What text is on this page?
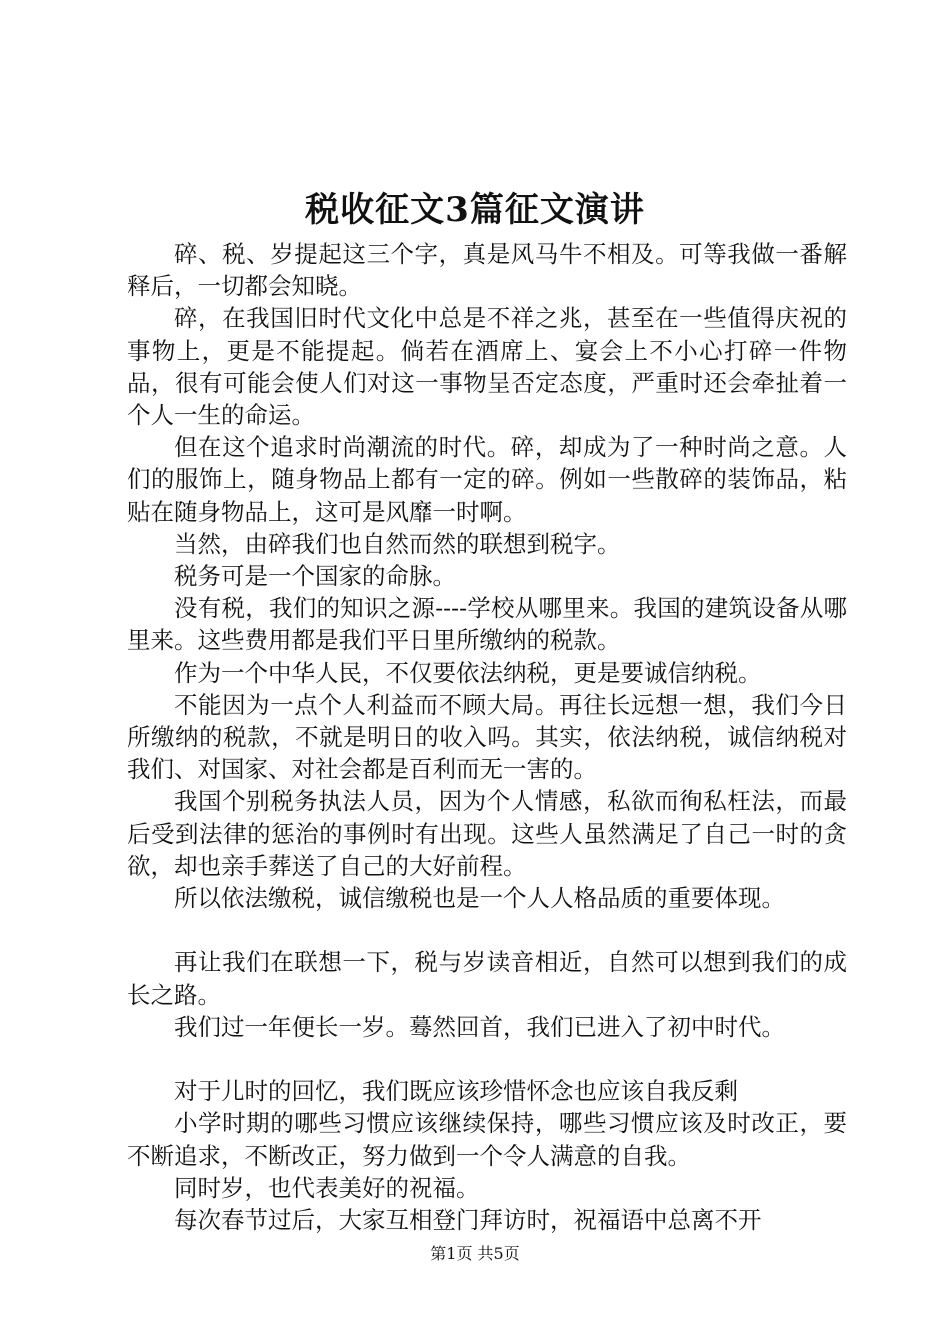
税收征文3篇征文演讲

碎、税、岁提起这三个字，真是风马牛不相及。可等我做一番解释后，一切都会知晓。

碎，在我国旧时代文化中总是不祥之兆，甚至在一些值得庆祝的事物上，更是不能提起。倘若在酒席上、宴会上不小心打碎一件物品，很有可能会使人们对这一事物呈否定态度，严重时还会牵扯着一个人一生的命运。

但在这个追求时尚潮流的时代。碎，却成为了一种时尚之意。人们的服饰上，随身物品上都有一定的碎。例如一些散碎的装饰品，粘贴在随身物品上，这可是风靡一时啊。

当然，由碎我们也自然而然的联想到税字。

税务可是一个国家的命脉。

没有税，我们的知识之源----学校从哪里来。我国的建筑设备从哪里来。这些费用都是我们平日里所缴纳的税款。

作为一个中华人民，不仅要依法纳税，更是要诚信纳税。

不能因为一点个人利益而不顾大局。再往长远想一想，我们今日所缴纳的税款，不就是明日的收入吗。其实，依法纳税，诚信纳税对我们、对国家、对社会都是百利而无一害的。

我国个别税务执法人员，因为个人情感，私欲而徇私枉法，而最后受到法律的惩治的事例时有出现。这些人虽然满足了自己一时的贪欲，却也亲手葬送了自己的大好前程。

所以依法缴税，诚信缴税也是一个人人格品质的重要体现。

再让我们在联想一下，税与岁读音相近，自然可以想到我们的成长之路。

我们过一年便长一岁。蓦然回首，我们已进入了初中时代。

对于儿时的回忆，我们既应该珍惜怀念也应该自我反剩

小学时期的哪些习惯应该继续保持，哪些习惯应该及时改正，要不断追求，不断改正，努力做到一个令人满意的自我。

同时岁，也代表美好的祝福。

每次春节过后，大家互相登门拜访时，祝福语中总离不开

第1页 共5页
